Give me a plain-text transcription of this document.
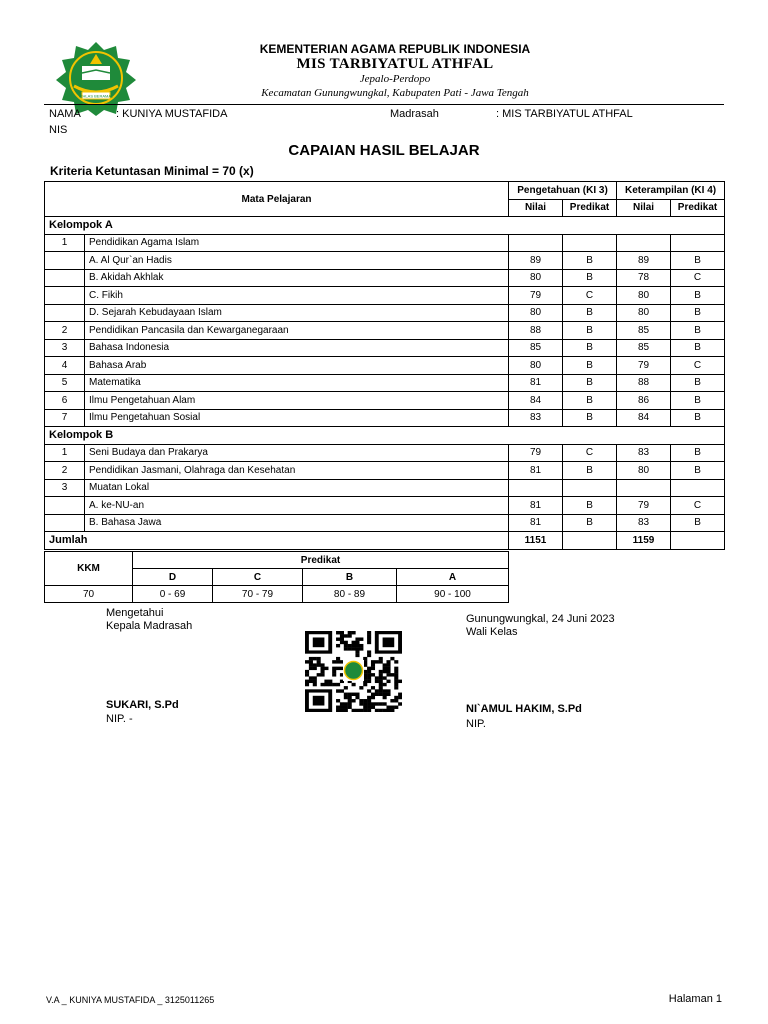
IKHLAS BERAMAL
KEMENTERIAN AGAMA REPUBLIK INDONESIA
MIS TARBIYATUL ATHFAL
Jepalo-Perdopo
Kecamatan Gunungwungkal, Kabupaten Pati - Jawa Tengah
NAMA	: KUNIYA MUSTAFIDA
NIS
Madrasah	: MIS TARBIYATUL ATHFAL
CAPAIAN HASIL BELAJAR
Kriteria Ketuntasan Minimal = 70 (x)
Mata Pelajaran		Pengetahuan (KI 3)		Keterampilan (KI 4)	
		Nilai	Predikat	Nilai	Predikat
Kelompok A					
1	Pendidikan Agama Islam				
	A. Al Qur`an Hadis	89	B	89	B
	B. Akidah Akhlak	80	B	78	C
	C. Fikih	79	C	80	B
	D. Sejarah Kebudayaan Islam	80	B	80	B
2	Pendidikan Pancasila dan Kewarganegaraan	88	B	85	B
3	Bahasa Indonesia	85	B	85	B
4	Bahasa Arab	80	B	79	C
5	Matematika	81	B	88	B
6	Ilmu Pengetahuan Alam	84	B	86	B
7	Ilmu Pengetahuan Sosial	83	B	84	B
Kelompok B					
1	Seni Budaya dan Prakarya	79	C	83	B
2	Pendidikan Jasmani, Olahraga dan Kesehatan	81	B	80	B
3	Muatan Lokal				
	A. ke-NU-an	81	B	79	C
	B. Bahasa Jawa	81	B	83	B
Jumlah		1151		1159	
KKM	Predikat			
	D	C	B	A
70	0 - 69	70 - 79	80 - 89	90 - 100
Mengetahui
Kepala Madrasah
SUKARI, S.Pd
NIP. -
Gunungwungkal, 24 Juni 2023
Wali Kelas
NI`AMUL HAKIM, S.Pd
NIP.
V.A _ KUNIYA MUSTAFIDA _ 3125011265	Halaman 1
